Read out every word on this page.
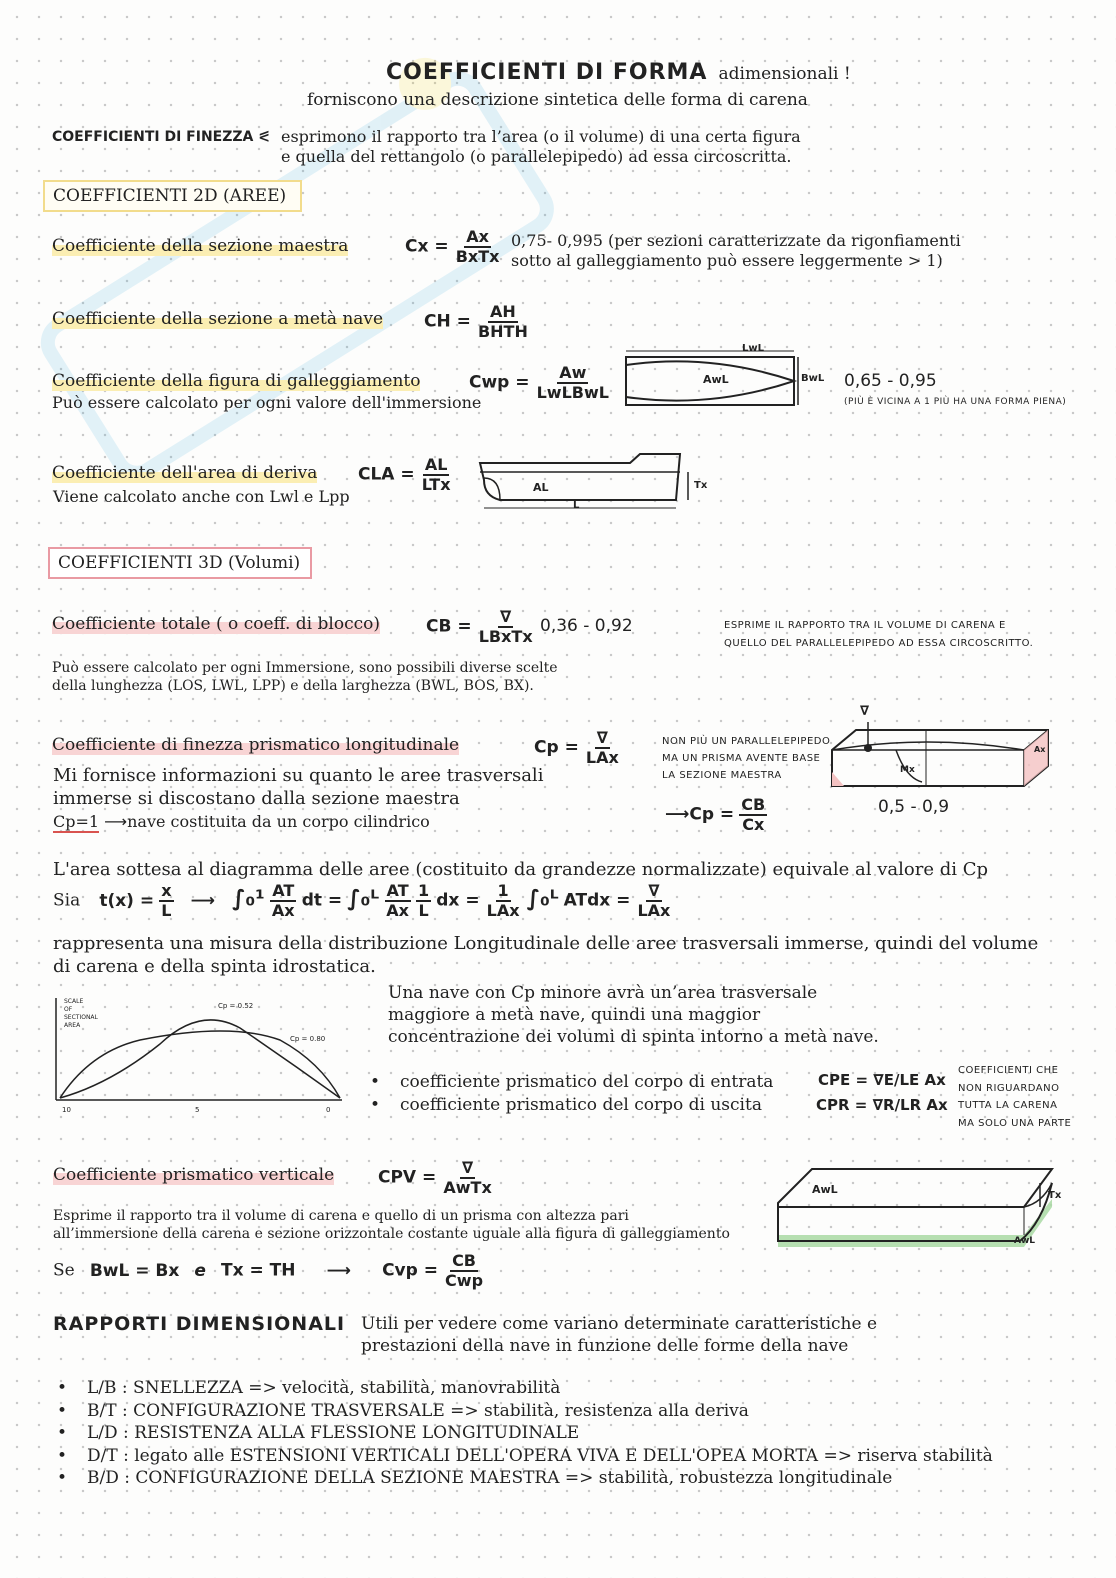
COEFFICIENTI DI FORMA adimensionali !
forniscono una descrizione sintetica delle forma di carena
COEFFICIENTI DI FINEZZA ⪕ esprimono il rapporto tra l’area (o il volume) di una certa figura
e quella del rettangolo (o parallelepipedo) ad essa circoscritta.
COEFFICIENTI 2D (AREE)
Coefficiente della sezione maestra	$Cx = \frac{Ax}{\text{BxTx}} 0,75-$ 0,995 (per sezioni caratterizzate da rigonfiamenti
sotto al galleggiamento può essere leggermente > 1)
Coefficiente della sezione a metà nave CH = $\frac{AH}{\text{BHTH}}$
Coefficiente della figura di galleggiamento
Può essere calcolato per ogni valore dell'immersione
Cwp = $\frac{Aw}{\text{LwLBwL}}$
LwL
AwL	BwL 0,65 - 0,95
(PIÙ È VICINA A 1 PIÙ HA UNA FORMA PIENA)
Coefficiente dell'area di deriva
Viene calcolato anche con Lwl e Lpp
CLA = $\frac{AL}{\text{LTx}}$	AL
L
Tx
COEFFICIENTI 3D (Volumi)
Coefficiente totale ( o coeff. di blocco)	CB = $\frac{\nabla}{\text{LBxTx}} 0,36 - 0,92$	ESPRIME IL RAPPORTO TRA IL VOLUME DI CARENA E
QUELLO DEL PARALLELEPIPEDO AD ESSA CIRCOSCRITTO.
Può essere calcolato per ogni Immersione, sono possibili diverse scelte
della lunghezza (LOS, LWL, LPP) e della larghezza (BWL, BOS, BX).
Coefficiente di finezza prismatico longitudinale	$Cp = \frac{\nabla}{\text{LAx}}$
Mi fornisce informazioni su quanto le aree trasversali
immerse si discostano dalla sezione maestra
Cp=1 ⟶nave costituita da un corpo cilindrico
NON PIÙ UN PARALLELEPIPEDO
MA UN PRISMA AVENTE BASE
LA SEZIONE MAESTRA
⟶Cp = $\frac{CB}{Cx}$
∇
Mx
Ax
0,5 - 0,9
L'area sottesa al diagramma delle aree (costituito da grandezze normalizzate) equivale al valore di Cp
Sia $t(x) = \frac{x}{L}$ ⟶ $\int_0^1 \frac{AT}{Ax}$ dt = ∫₀ᴸ $\frac{AT}{Ax}$
$\frac{1}{L}$ dx = $\frac{1}{\text{LAx}}$ ∫₀ᴸ ATdx = $\frac{\nabla}{\text{LAx}}$
rappresenta una misura della distribuzione Longitudinale delle aree trasversali immerse, quindi del volume
di carena e della spinta idrostatica.
SCALE
OF
SECTIONAL
AREA
Cp = 0.52
Cp = 0.80
10	5	0
Una nave con Cp minore avrà un’area trasversale
maggiore a metà nave, quindi una maggior
concentrazione dei volumi di spinta intorno a metà nave.
• coefficiente prismatico del corpo di entrata
• coefficiente prismatico del corpo di uscita
CPE = ∇E/LE Ax
CPR = ∇R/LR Ax
COEFFICIENTI CHE
NON RIGUARDANO
TUTTA LA CARENA
MA SOLO UNA PARTE
Coefficiente prismatico verticale	CPV = $\frac{\nabla}{\text{AwTx}}$
Esprime il rapporto tra il volume di carena e quello di un prisma con altezza pari
all’immersione della carena e sezione orizzontale costante uguale alla figura di galleggiamento
Se BwL = Bx e Tx = TH ⟶ Cvp = $\frac{CB}{\text{Cwp}}$
AwL	Tx
AwL
RAPPORTI DIMENSIONALI Utili per vedere come variano determinate caratteristiche e
prestazioni della nave in funzione delle forme della nave
• L/B : SNELLEZZA => velocità, stabilità, manovrabilità
• B/T : CONFIGURAZIONE TRASVERSALE => stabilità, resistenza alla deriva
• L/D : RESISTENZA ALLA FLESSIONE LONGITUDINALE
• D/T : legato alle ESTENSIONI VERTICALI DELL'OPERA VIVA E DELL'OPEA MORTA => riserva stabilità
• B/D : CONFIGURAZIONE DELLA SEZIONE MAESTRA => stabilità, robustezza longitudinale
